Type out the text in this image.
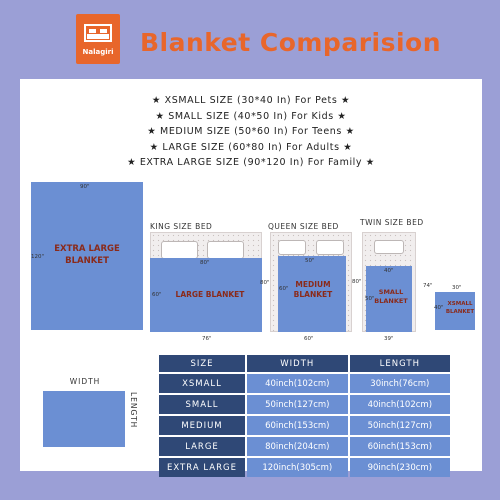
Nalagiri Blanket Comparision
★ XSMALL SIZE (30*40 In) For Pets ★
★ SMALL SIZE (40*50 In) For Kids ★
★ MEDIUM SIZE (50*60 In) For Teens ★
★ LARGE SIZE (60*80 In) For Adults ★
★ EXTRA LARGE SIZE (90*120 In) For Family ★
90"
120"
EXTRA LARGE
BLANKET
KING SIZE BED
80"
60"	LARGE BLANKET
76"
QUEEN SIZE BED
80"
50"
60" MEDIUM
BLANKET
60"
TWIN SIZE BED
80"
40"
50"
SMALL
BLANKET
39"
74"	30"
40"
XSMALL
BLANKET
WIDTH
LENGTH
SIZE	WIDTH	LENGTH
XSMALL	40inch(102cm)	30inch(76cm)
SMALL	50inch(127cm)	40inch(102cm)
MEDIUM	60inch(153cm)	50inch(127cm)
LARGE	80inch(204cm)	60inch(153cm)
EXTRA LARGE	120inch(305cm)	90inch(230cm)
